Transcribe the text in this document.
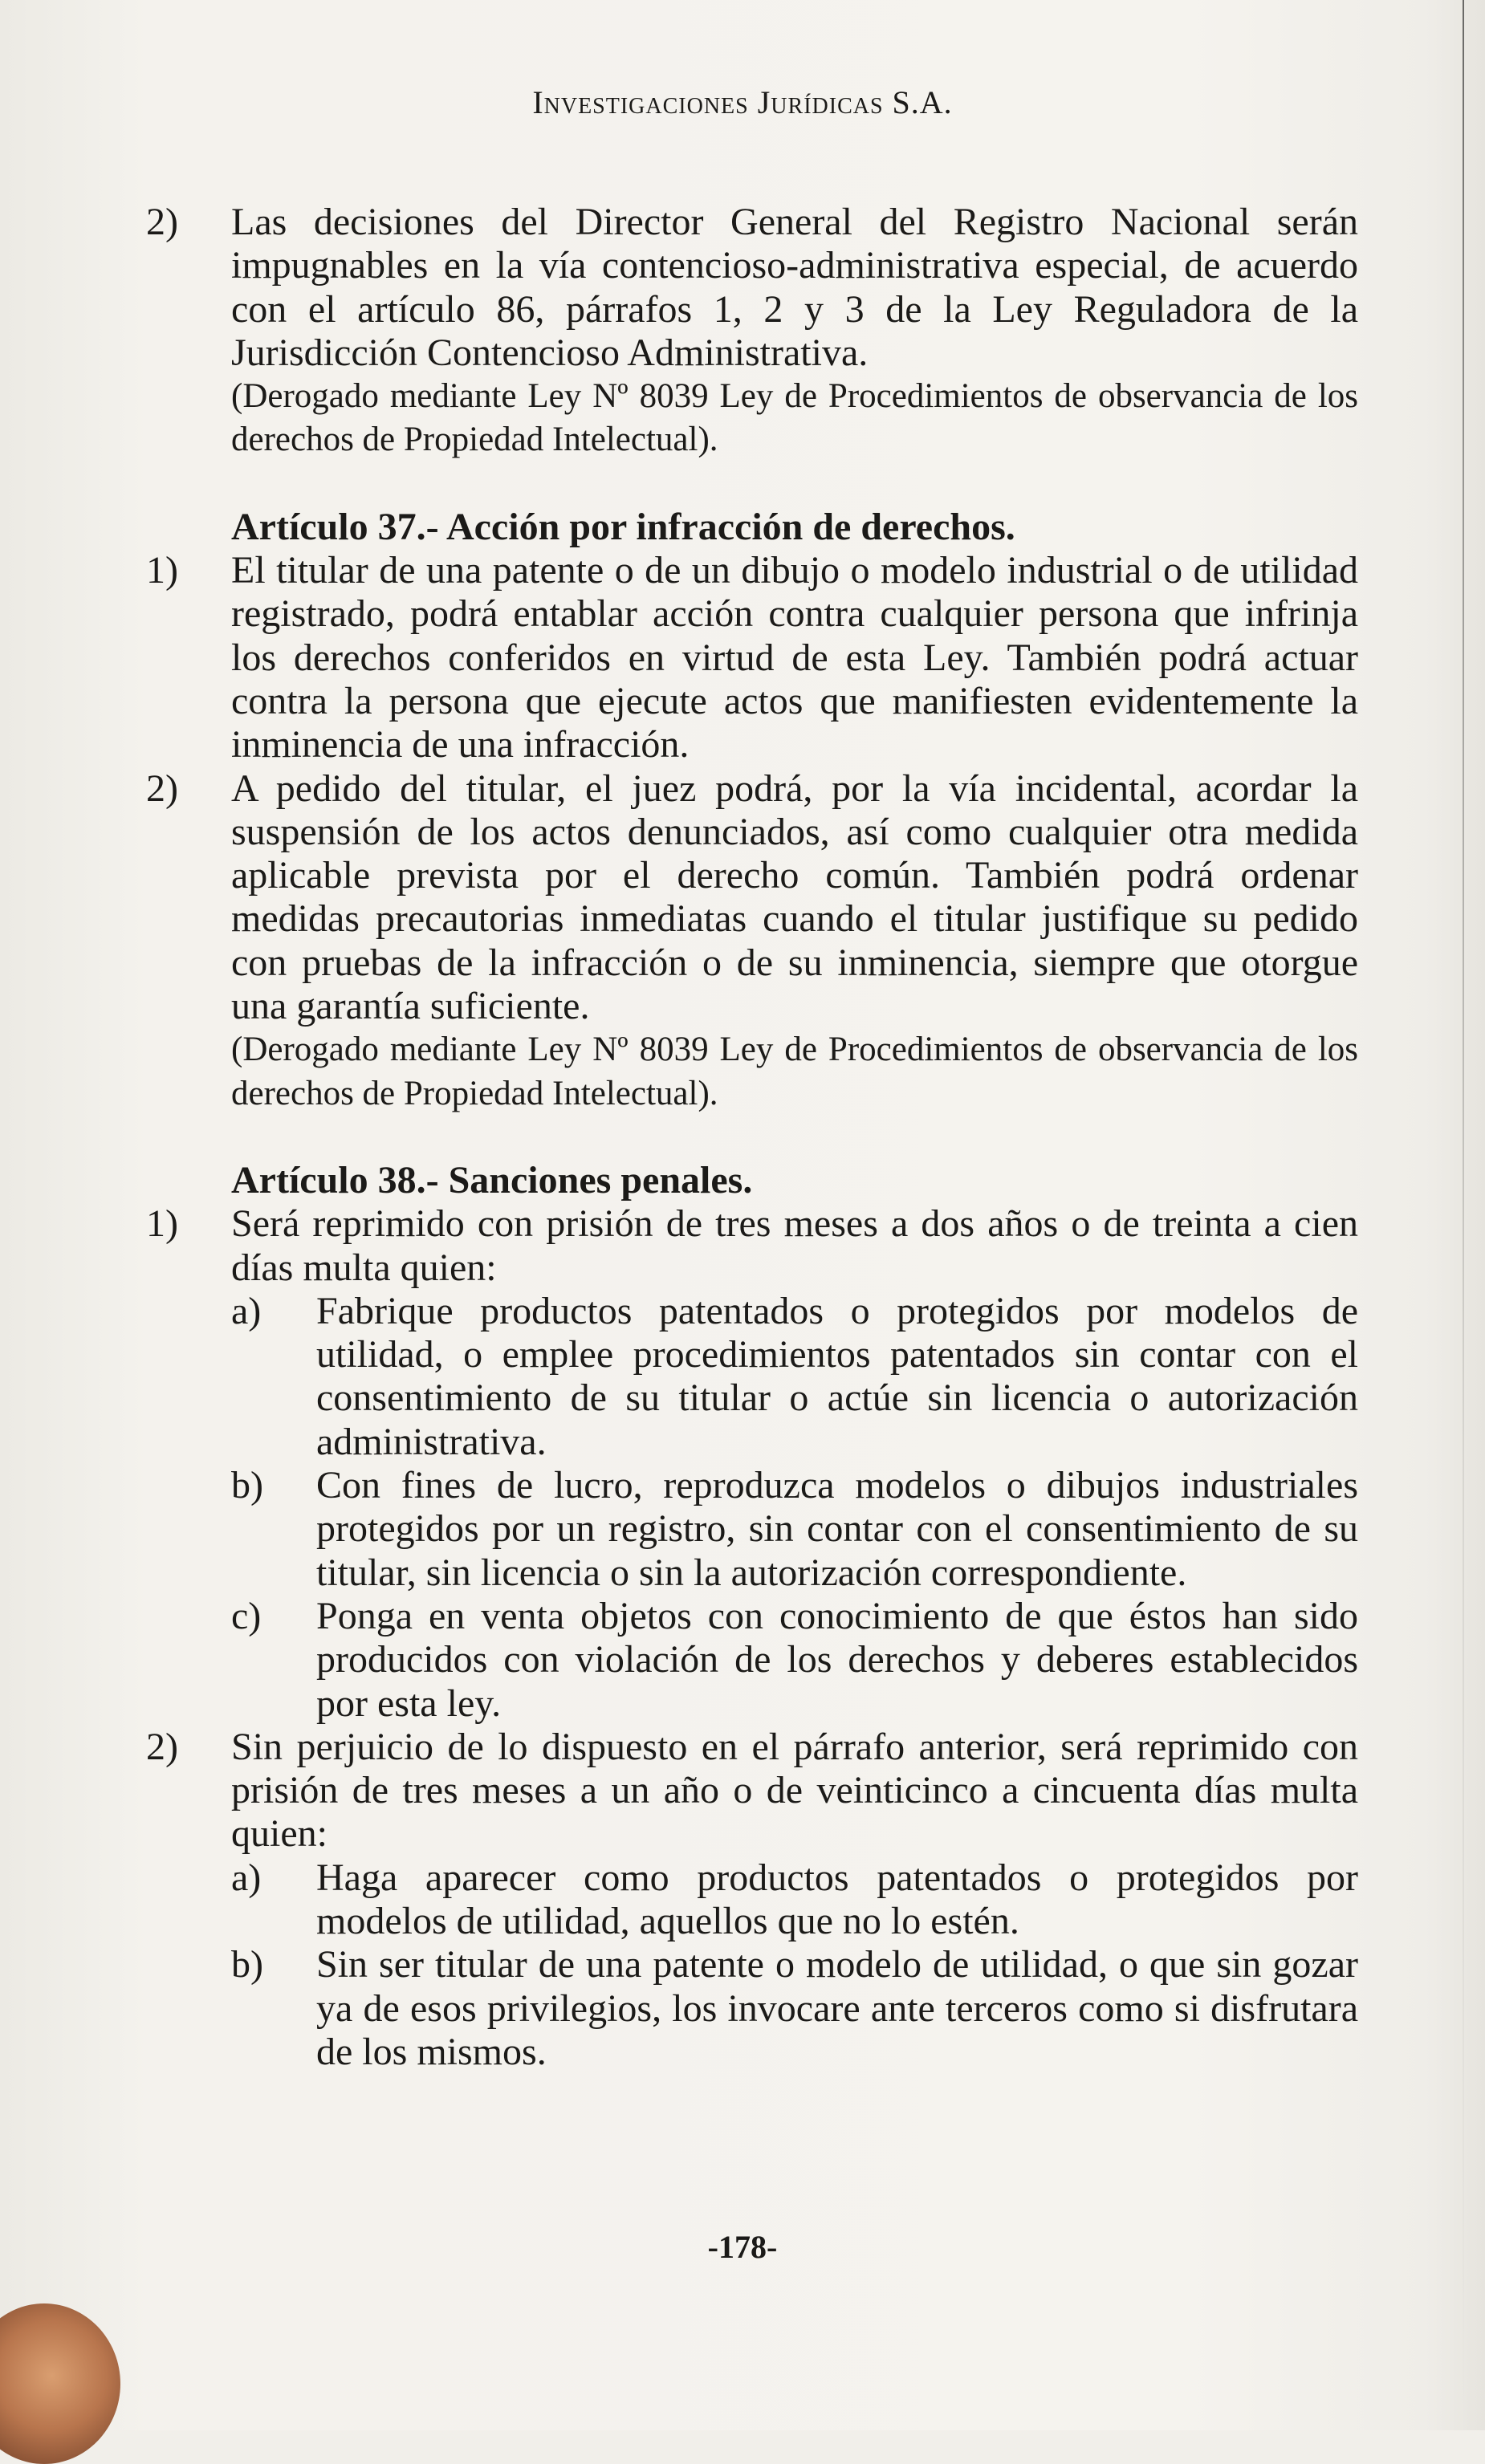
Investigaciones Jurídicas S.A.
2) Las decisiones del Director General del Registro Nacional serán impugnables en la vía contencioso-administrativa especial, de acuerdo con el artículo 86, párrafos 1, 2 y 3 de la Ley Reguladora de la Jurisdicción Contencioso Administrativa.
(Derogado mediante Ley Nº 8039 Ley de Procedimientos de observancia de los derechos de Propiedad Intelectual).
Artículo 37.- Acción por infracción de derechos.
1) El titular de una patente o de un dibujo o modelo industrial o de utilidad registrado, podrá entablar acción contra cualquier persona que infrinja los derechos conferidos en virtud de esta Ley. También podrá actuar contra la persona que ejecute actos que manifiesten evidentemente la inminencia de una infracción.
2) A pedido del titular, el juez podrá, por la vía incidental, acordar la suspensión de los actos denunciados, así como cualquier otra medida aplicable prevista por el derecho común. También podrá ordenar medidas precautorias inmediatas cuando el titular justifique su pedido con pruebas de la infracción o de su inminencia, siempre que otorgue una garantía suficiente.
(Derogado mediante Ley Nº 8039 Ley de Procedimientos de observancia de los derechos de Propiedad Intelectual).
Artículo 38.- Sanciones penales.
1) Será reprimido con prisión de tres meses a dos años o de treinta a cien días multa quien:
a) Fabrique productos patentados o protegidos por modelos de utilidad, o emplee procedimientos patentados sin contar con el consentimiento de su titular o actúe sin licencia o autorización administrativa.
b) Con fines de lucro, reproduzca modelos o dibujos industriales protegidos por un registro, sin contar con el consentimiento de su titular, sin licencia o sin la autorización correspondiente.
c) Ponga en venta objetos con conocimiento de que éstos han sido producidos con violación de los derechos y deberes establecidos por esta ley.
2) Sin perjuicio de lo dispuesto en el párrafo anterior, será reprimido con prisión de tres meses a un año o de veinticinco a cincuenta días multa quien:
a) Haga aparecer como productos patentados o protegidos por modelos de utilidad, aquellos que no lo estén.
b) Sin ser titular de una patente o modelo de utilidad, o que sin gozar ya de esos privilegios, los invocare ante terceros como si disfrutara de los mismos.
-178-
